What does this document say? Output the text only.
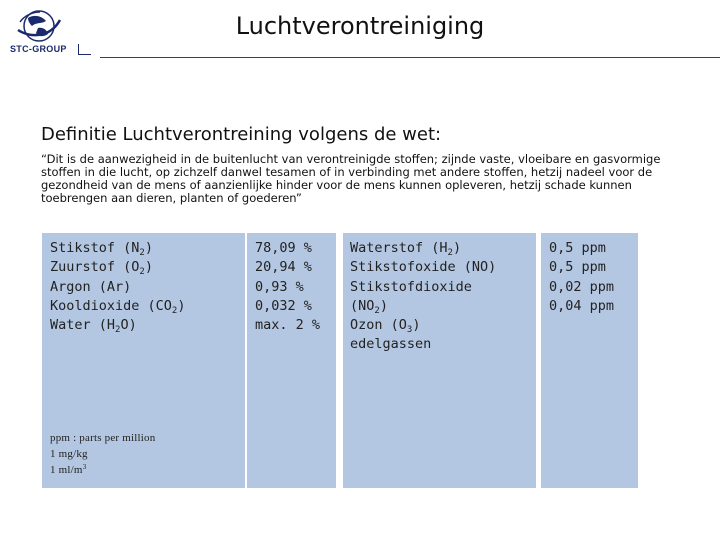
STC-GROUP
Luchtverontreiniging
Definitie Luchtverontreining volgens de wet:
“Dit is de aanwezigheid in de buitenlucht van verontreinigde stoffen; zijnde vaste, vloeibare en gasvormige stoffen in die lucht, op zichzelf danwel tesamen of in verbinding met andere stoffen, hetzij nadeel voor de gezondheid van de mens of aanzienlijke hinder voor de mens kunnen opleveren, hetzij schade kunnen toebrengen aan dieren, planten of goederen”
Stikstof $(N_2)$
Zuurstof $(O_2)$
Argon (Ar)
Kooldioxide $(CO_2)$
Water $(H_2O)$
78,09 %
20,94 %
0,93 %
0,032 %
max. 2 %
Waterstof $(H_2)$
Stikstofoxide (NO)
Stikstofdioxide
$(NO_2)$
Ozon $(O_3)$
edelgassen
0,5 ppm
0,5 ppm
0,02 ppm
0,04 ppm
ppm : parts per million
1 mg/kg
1 $ml/m^3$
